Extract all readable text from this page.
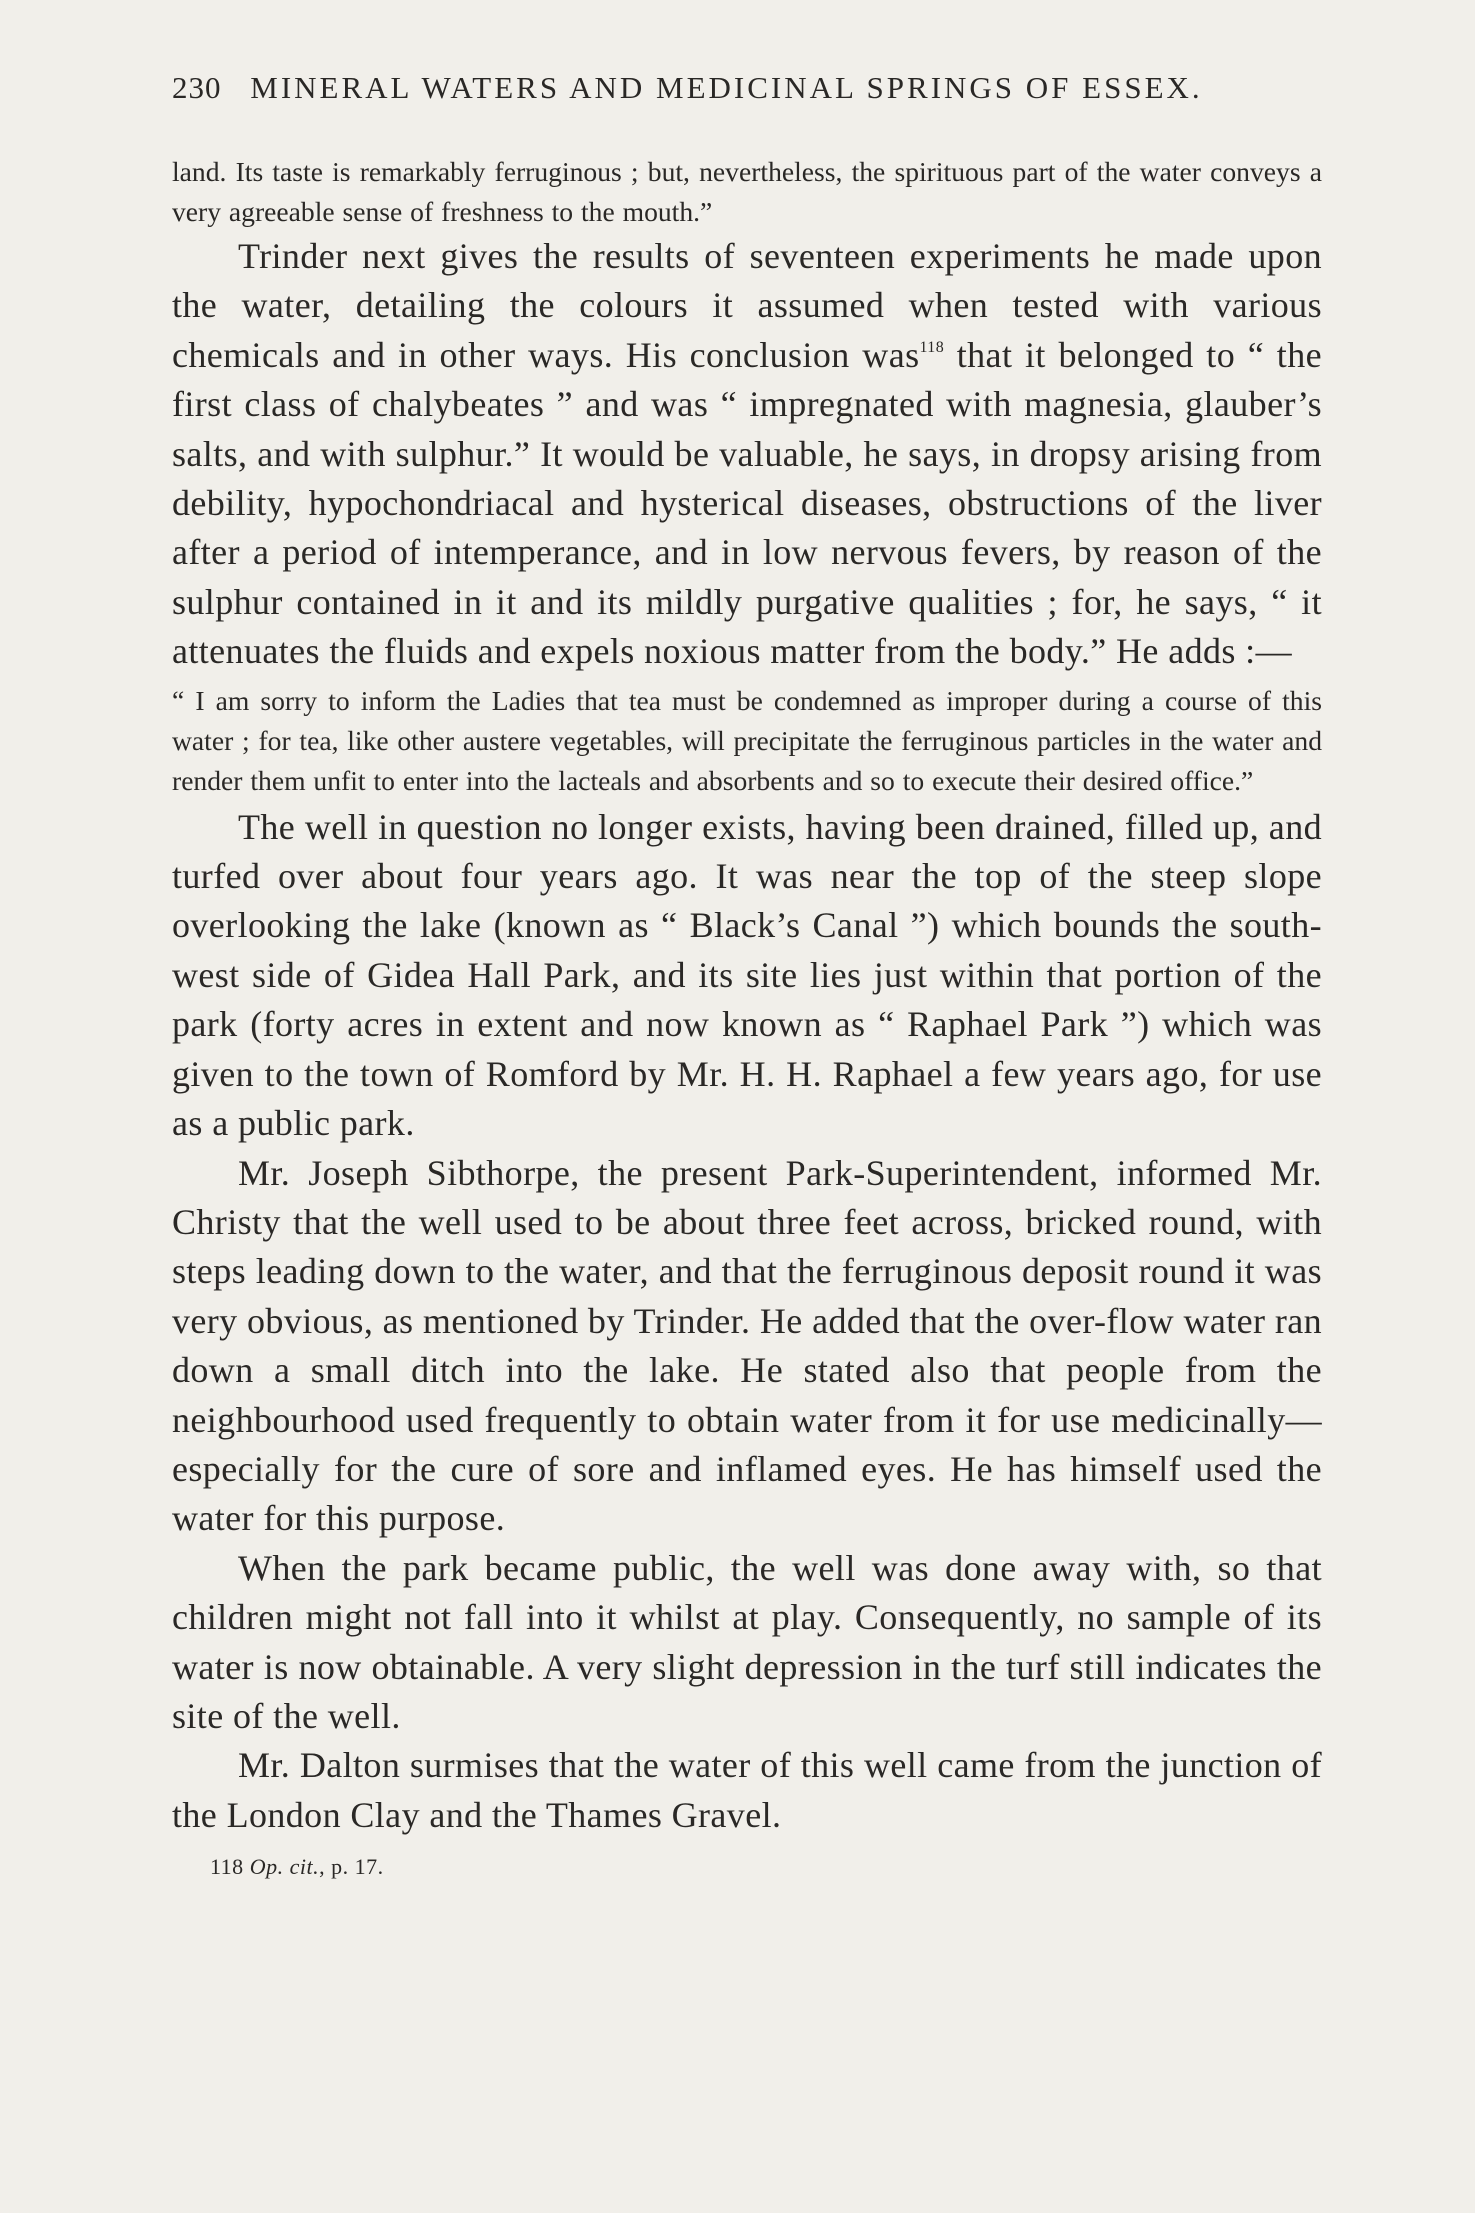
230 MINERAL WATERS AND MEDICINAL SPRINGS OF ESSEX.

land. Its taste is remarkably ferruginous ; but, nevertheless, the spirituous part of the water conveys a very agreeable sense of freshness to the mouth.”

Trinder next gives the results of seventeen experiments he made upon the water, detailing the colours it assumed when tested with various chemicals and in other ways. His conclusion was$^{118}$ that it belonged to “ the first class of chalybeates ” and was “ impregnated with magnesia, glauber’s salts, and with sulphur.” It would be valuable, he says, in dropsy arising from debility, hypochondriacal and hysterical diseases, obstructions of the liver after a period of intemperance, and in low nervous fevers, by reason of the sulphur contained in it and its mildly purgative qualities ; for, he says, “ it attenuates the fluids and expels noxious matter from the body.” He adds :—

“ I am sorry to inform the Ladies that tea must be condemned as improper during a course of this water ; for tea, like other austere vegetables, will precipitate the ferruginous particles in the water and render them unfit to enter into the lacteals and absorbents and so to execute their desired office.”

The well in question no longer exists, having been drained, filled up, and turfed over about four years ago. It was near the top of the steep slope overlooking the lake (known as “ Black’s Canal ”) which bounds the south-west side of Gidea Hall Park, and its site lies just within that portion of the park (forty acres in extent and now known as “ Raphael Park ”) which was given to the town of Romford by Mr. H. H. Raphael a few years ago, for use as a public park.

Mr. Joseph Sibthorpe, the present Park-Superintendent, informed Mr. Christy that the well used to be about three feet across, bricked round, with steps leading down to the water, and that the ferruginous deposit round it was very obvious, as mentioned by Trinder. He added that the over-flow water ran down a small ditch into the lake. He stated also that people from the neighbourhood used frequently to obtain water from it for use medicinally—especially for the cure of sore and inflamed eyes. He has himself used the water for this purpose.

When the park became public, the well was done away with, so that children might not fall into it whilst at play. Consequently, no sample of its water is now obtainable. A very slight depression in the turf still indicates the site of the well.

Mr. Dalton surmises that the water of this well came from the junction of the London Clay and the Thames Gravel.

118 Op. cit., p. 17.
